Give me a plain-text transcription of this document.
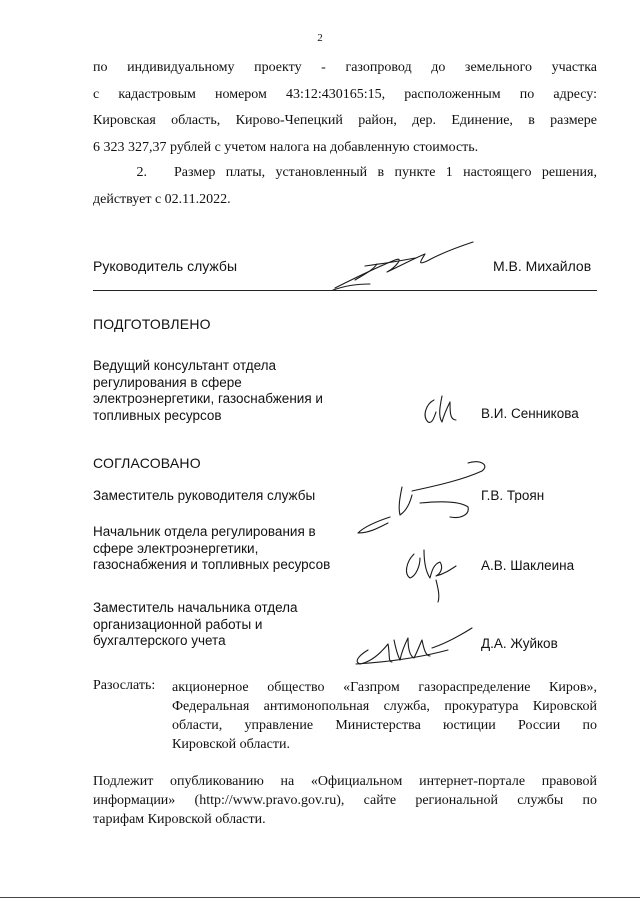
2
по индивидуальному проекту - газопровод до земельного участка
с кадастровым номером 43:12:430165:15, расположенным по адресу:
Кировская область, Кирово-Чепецкий район, дер. Единение, в размере
6 323 327,37 рублей с учетом налога на добавленную стоимость.
2.	Размер платы, установленный в пункте 1 настоящего решения,
действует с 02.11.2022.
Руководитель службы	М.В. Михайлов
ПОДГОТОВЛЕНО
Ведущий консультант отдела
регулирования в сфере
электроэнергетики, газоснабжения и
топливных ресурсов	В.И. Сенникова
СОГЛАСОВАНО
Заместитель руководителя службы	Г.В. Троян
Начальник отдела регулирования в
сфере электроэнергетики,
газоснабжения и топливных ресурсов	А.В. Шаклеина
Заместитель начальника отдела
организационной работы и
бухгалтерского учета	Д.А. Жуйков
Разослать: акционерное общество «Газпром газораспределение Киров»,
Федеральная антимонопольная служба, прокуратура Кировской
области, управление Министерства юстиции России по
Кировской области.
Подлежит опубликованию на «Официальном интернет-портале правовой
информации» (http://www.pravo.gov.ru), сайте региональной службы по
тарифам Кировской области.
